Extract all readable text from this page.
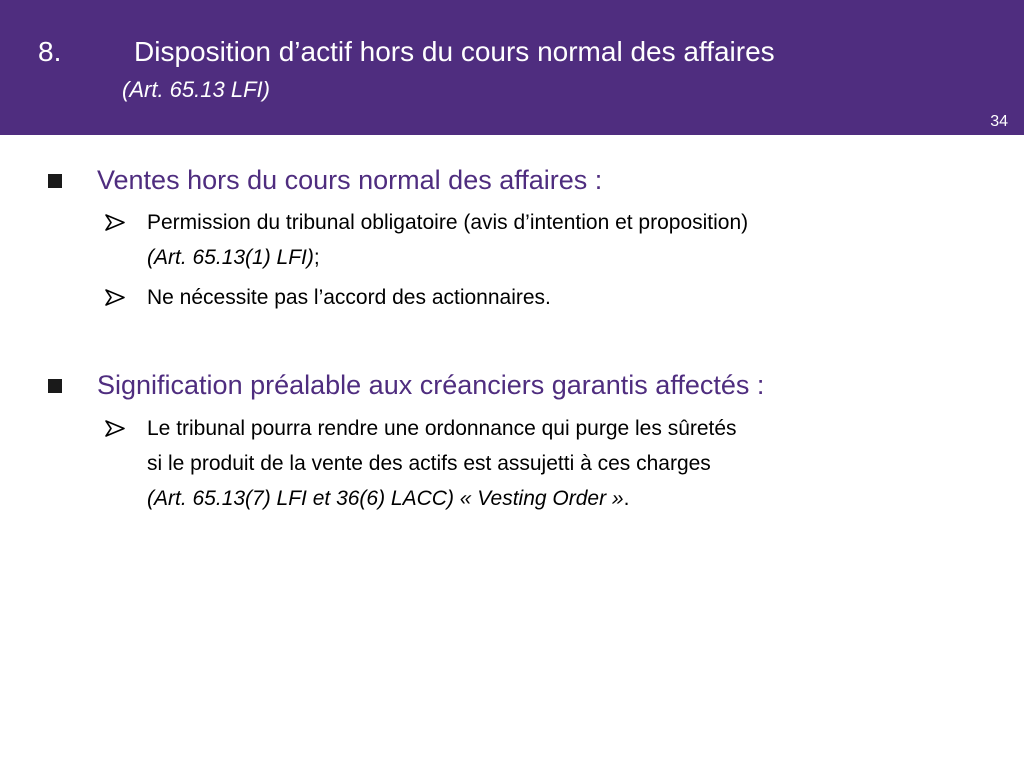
8.	Disposition d’actif hors du cours normal des affaires
(Art. 65.13 LFI)
34
Ventes hors du cours normal des affaires :
Permission du tribunal obligatoire (avis d’intention et proposition)
(Art. 65.13(1) LFI);
Ne nécessite pas l’accord des actionnaires.
Signification préalable aux créanciers garantis affectés :
Le tribunal pourra rendre une ordonnance qui purge les sûretés
si le produit de la vente des actifs est assujetti à ces charges
(Art. 65.13(7) LFI et 36(6) LACC) « Vesting Order ».
